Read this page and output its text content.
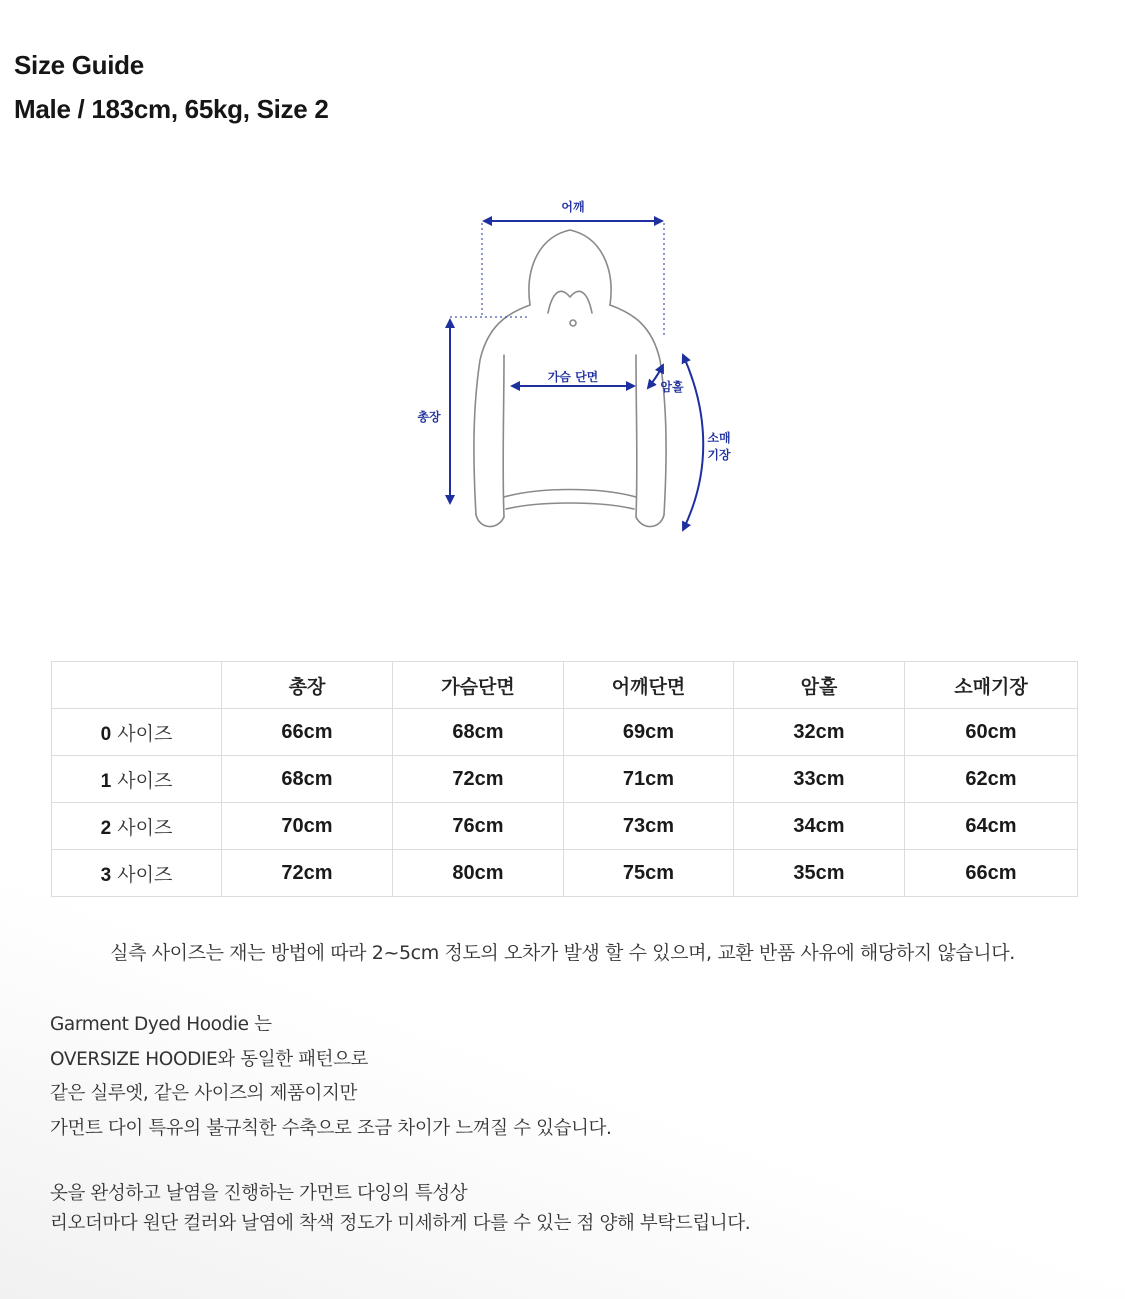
Size Guide
Male / 183cm, 65kg, Size 2
어깨
가슴 단면
암홀
총장
소매
기장
	총장	가슴단면	어깨단면	암홀	소매기장
0 사이즈	66cm	68cm	69cm	32cm	60cm
1 사이즈	68cm	72cm	71cm	33cm	62cm
2 사이즈	70cm	76cm	73cm	34cm	64cm
3 사이즈	72cm	80cm	75cm	35cm	66cm

실측 사이즈는 재는 방법에 따라 2~5cm 정도의 오차가 발생 할 수 있으며, 교환 반품 사유에 해당하지 않습니다.

Garment Dyed Hoodie 는

OVERSIZE HOODIE와 동일한 패턴으로

같은 실루엣, 같은 사이즈의 제품이지만

가먼트 다이 특유의 불규칙한 수축으로 조금 차이가 느껴질 수 있습니다.

옷을 완성하고 날염을 진행하는 가먼트 다잉의 특성상

리오더마다 원단 컬러와 날염에 착색 정도가 미세하게 다를 수 있는 점 양해 부탁드립니다.
